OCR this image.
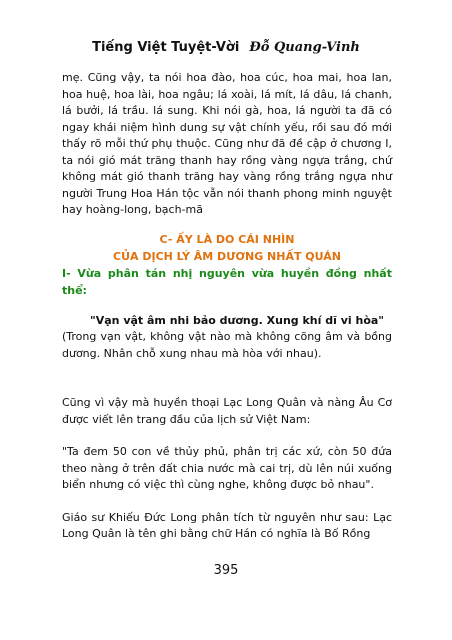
Tiếng Việt Tuyệt-Vời Đỗ Quang-Vinh

mẹ. Cũng vậy, ta nói hoa đào, hoa cúc, hoa mai, hoa lan, hoa huệ, hoa lài, hoa ngâu; lá xoài, lá mít, lá dâu, lá chanh, lá bưởi, lá trầu. lá sung. Khi nói gà, hoa, lá người ta đã có ngay khái niệm hình dung sự vật chính yếu, rồi sau đó mới thấy rõ mỗi thứ phụ thuộc. Cũng như đã đề cập ở chương I, ta nói gió mát trăng thanh hay rồng vàng ngựa trắng, chứ không mát gió thanh trăng hay vàng rồng trắng ngựa như người Trung Hoa Hán tộc vẫn nói thanh phong minh nguyệt hay hoàng-long, bạch-mã

C- ẤY LÀ DO CÁI NHÌN
CỦA DỊCH LÝ ÂM DƯƠNG NHẤT QUÁN

I- Vừa phân tán nhị nguyên vừa huyền đồng nhất thể:

"Vạn vật âm nhi bảo dương. Xung khí dĩ vi hòa"

(Trong vạn vật, không vật nào mà không cõng âm và bồng dương. Nhân chỗ xung nhau mà hòa với nhau).

Cũng vì vậy mà huyền thoại Lạc Long Quân và nàng Âu Cơ được viết lên trang đầu của lịch sử Việt Nam:

"Ta đem 50 con về thủy phủ, phân trị các xứ, còn 50 đứa theo nàng ở trên đất chia nước mà cai trị, dù lên núi xuống biển nhưng có việc thì cùng nghe, không được bỏ nhau".

Giáo sư Khiếu Đức Long phân tích từ nguyên như sau: Lạc Long Quân là tên ghi bằng chữ Hán có nghĩa là Bố Rồng

395
